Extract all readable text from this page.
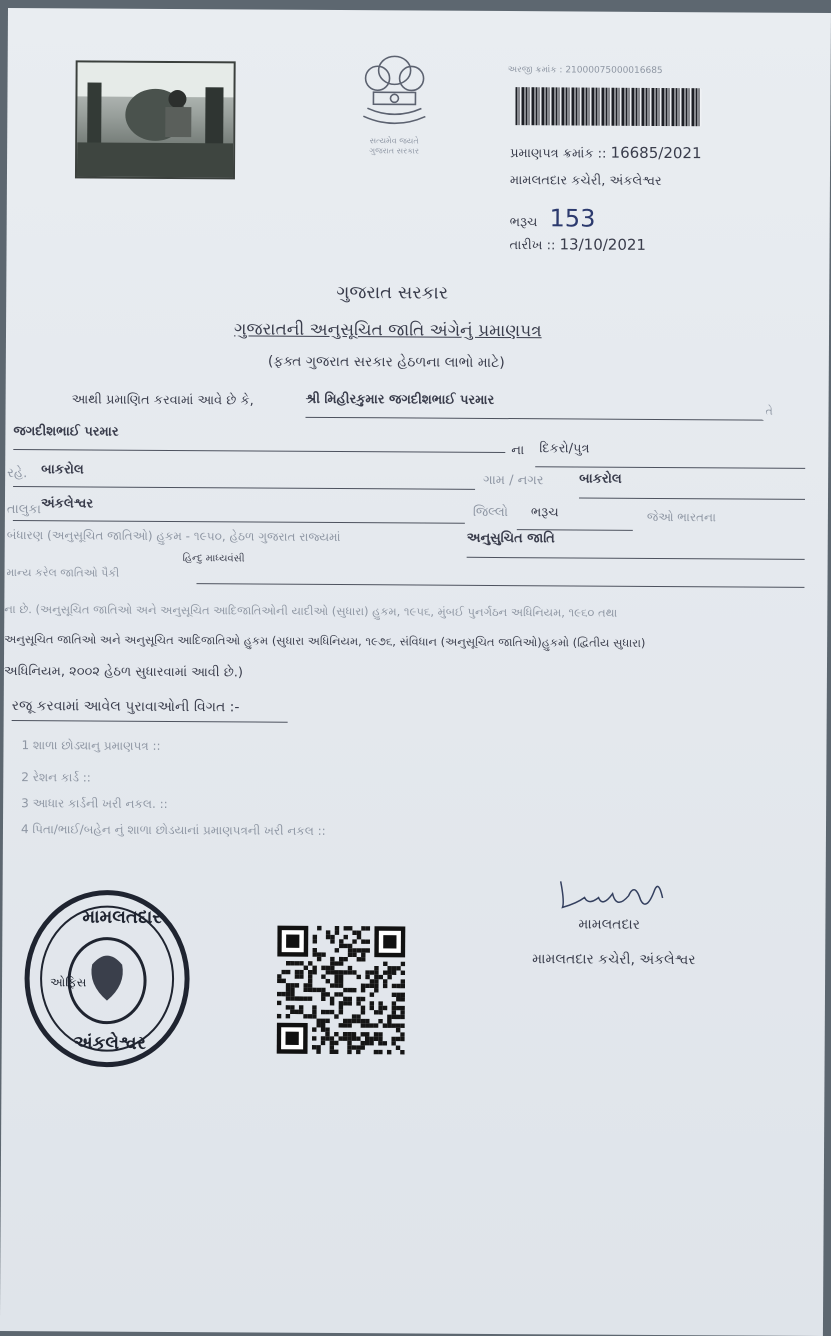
સત્યમેવ જયતે
ગુજરાત સરકાર
અરજી ક્રમાંક : 21000075000016685
પ્રમાણપત્ર ક્રમાંક :: 16685/2021
મામલતદાર કચેરી, અંકલેશ્વર
ભરૂચ 153
તારીખ :: 13/10/2021
ગુજરાત સરકાર
ગુજરાતની અનુસૂચિત જાતિ અંગેનું પ્રમાણપત્ર
(ફક્ત ગુજરાત સરકાર હેઠળના લાભો માટે)
આથી પ્રમાણિત કરવામાં આવે છે કે,	શ્રી મિહીરકુમાર જગદીશભાઈ પરમાર
તે
જગદીશભાઈ પરમાર
ના દિકરો/પુત્ર
રહે. બાકરોલ
ગામ / નગર	બાકરોલ
તાલુકા અંકલેશ્વર
જિલ્લો ભરૂચ	જેઓ ભારતના
બંધારણ (અનુસૂચિત જાતિઓ) હુકમ - ૧૯૫૦, હેઠળ ગુજરાત રાજ્યમાં	અનુસુચિત જાતિ
માન્ય કરેલ જાતિઓ પૈકી
હિન્દુ માધ્યવંસી
ના છે. (અનુસૂચિત જાતિઓ અને અનુસૂચિત આદિજાતિઓની યાદીઓ (સુધારા) હુકમ, ૧૯૫૬, મુંબઈ પુનર્ગઠન અધિનિયમ, ૧૯૬૦ તથા
અનુસૂચિત જાતિઓ અને અનુસૂચિત આદિજાતિઓ હુકમ (સુધારા અધિનિયમ, ૧૯૭૬, સંવિધાન (અનુસૂચિત જાતિઓ)હુકમો (દ્વિતીય સુધારા)
અધિનિયમ, ૨૦૦૨ હેઠળ સુધારવામાં આવી છે.)
રજૂ કરવામાં આવેલ પુરાવાઓની વિગત :-
1 શાળા છોડ્યાનુ પ્રમાણપત્ર ::
2 રેશન કાર્ડ ::
3 આધાર કાર્ડની ખરી નકલ. ::
4 પિતા/ભાઈ/બહેન નું શાળા છોડયાનાં પ્રમાણપત્રની ખરી નકલ ::
મામલતદાર
મામલતદાર કચેરી, અંકલેશ્વર
મામલતદાર
ઓફિસ
અંકલેશ્વર
